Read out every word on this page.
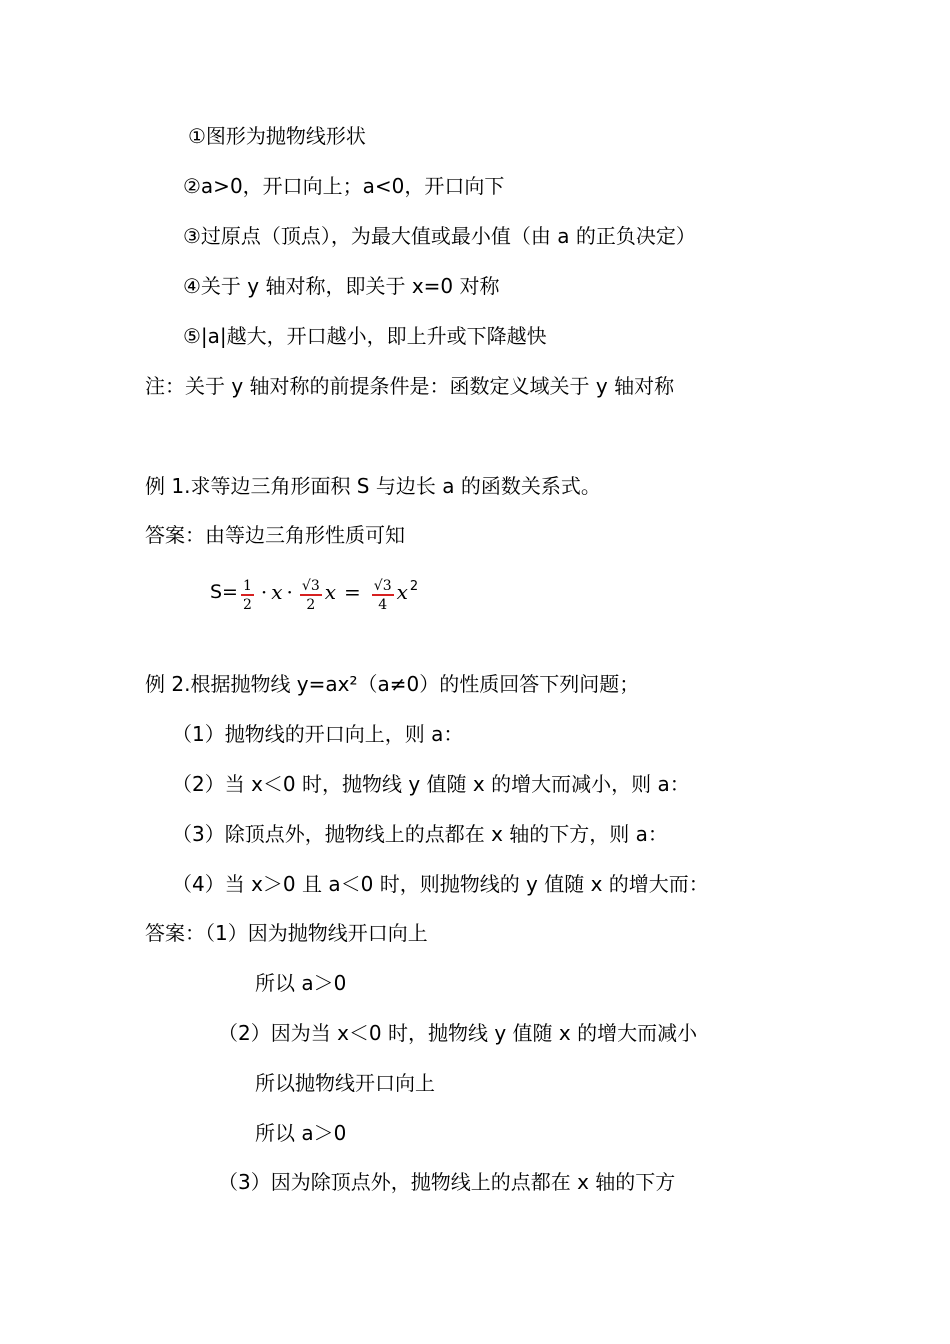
①图形为抛物线形状
②a>0，开口向上；a<0，开口向下
③过原点（顶点），为最大值或最小值（由 a 的正负决定）
④关于 y 轴对称，即关于 x=0 对称
⑤|a|越大，开口越小，即上升或下降越快
注：关于 y 轴对称的前提条件是：函数定义域关于 y 轴对称
例 1.求等边三角形面积 S 与边长 a 的函数关系式。
答案：由等边三角形性质可知
$S= \frac{1}{2} \cdot x \cdot \frac{√3}{2}$ $x = \frac{√3}{4}$ x 2
例 2.根据抛物线 y=ax²（a≠0）的性质回答下列问题；
（1）抛物线的开口向上，则 a：
（2）当 x＜0 时，抛物线 y 值随 x 的增大而减小，则 a：
（3）除顶点外，抛物线上的点都在 x 轴的下方，则 a：
（4）当 x＞0 且 a＜0 时，则抛物线的 y 值随 x 的增大而：
答案：（1）因为抛物线开口向上
所以 a＞0
（2）因为当 x＜0 时，抛物线 y 值随 x 的增大而减小
所以抛物线开口向上
所以 a＞0
（3）因为除顶点外，抛物线上的点都在 x 轴的下方
